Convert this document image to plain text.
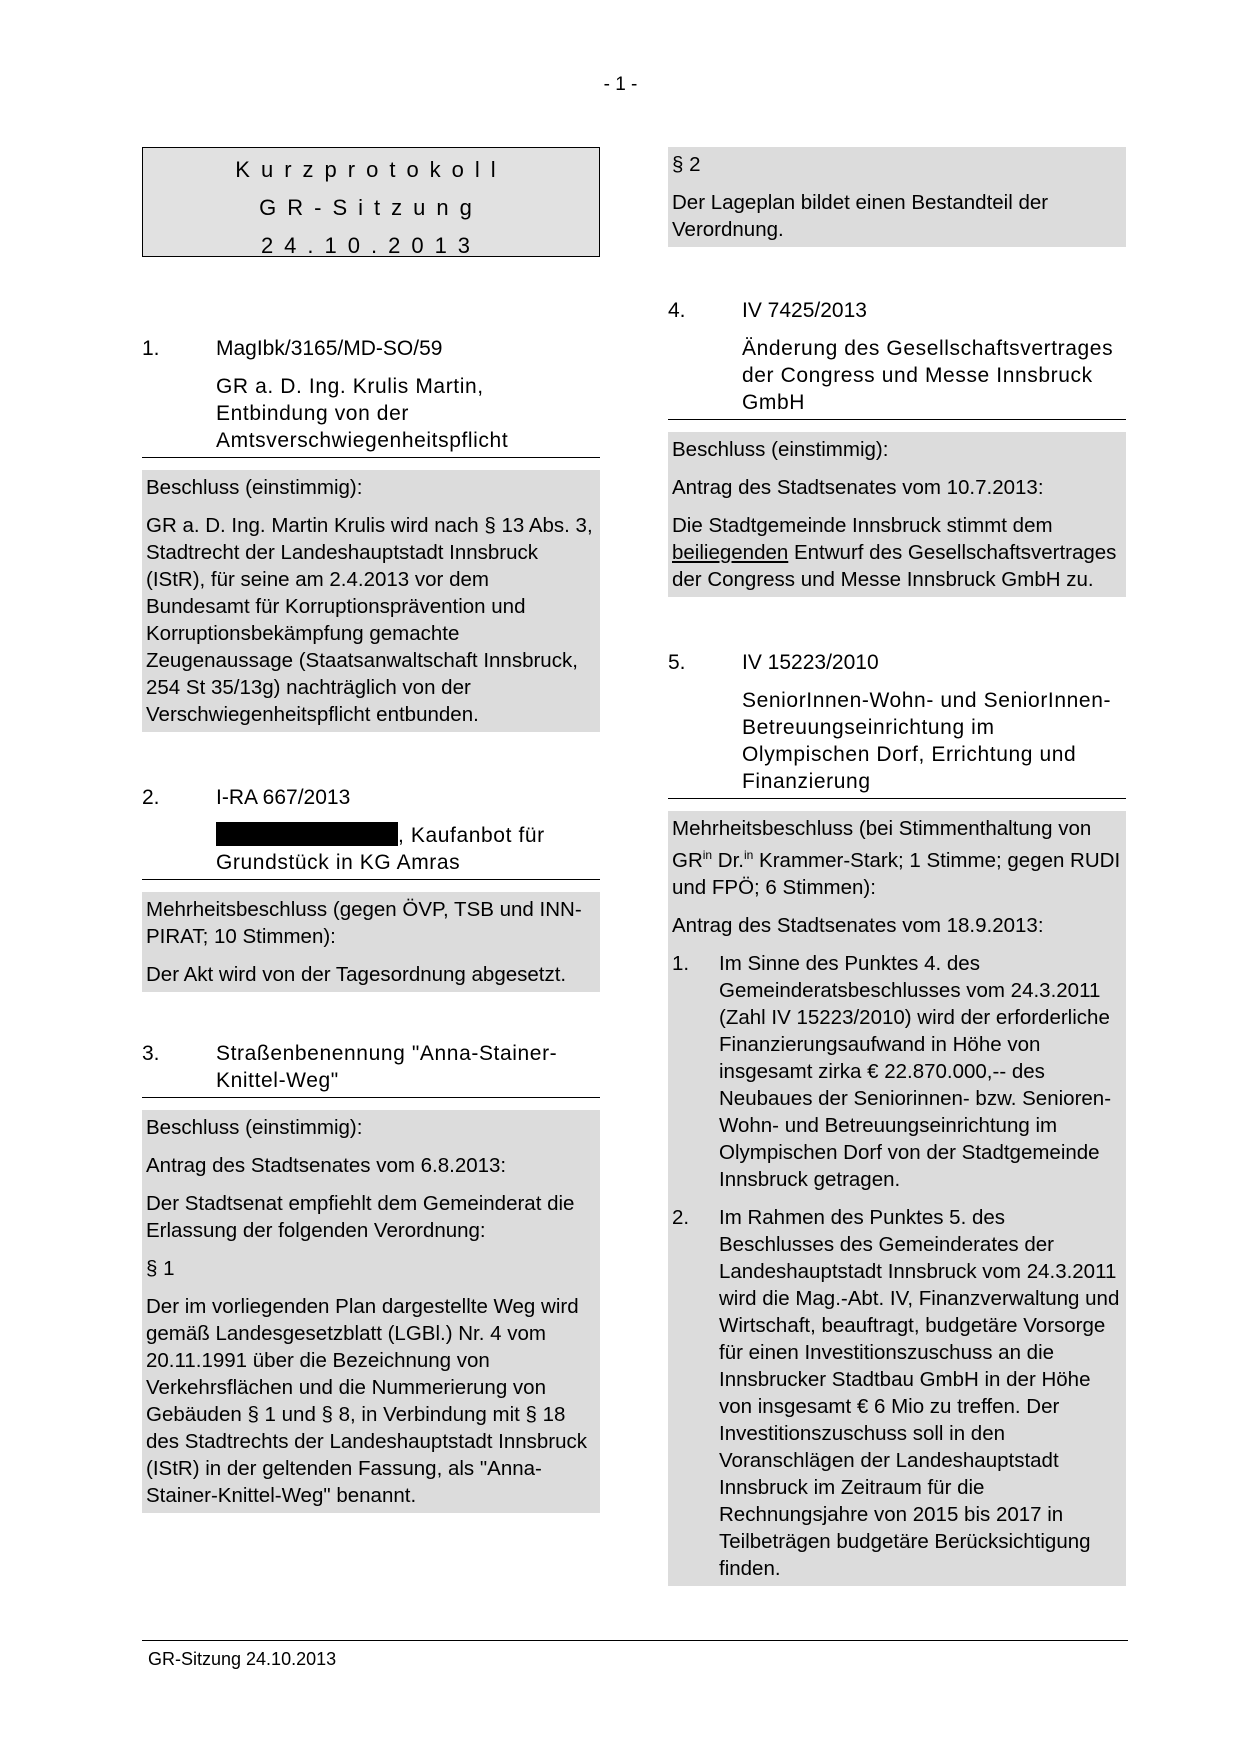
- 1 -
Kurzprotokoll
GR-Sitzung
24.10.2013
1.	MagIbk/3165/MD-SO/59
GR a. D. Ing. Krulis Martin, Entbindung von der Amtsverschwiegenheitspflicht

Beschluss (einstimmig):

GR a. D. Ing. Martin Krulis wird nach § 13 Abs. 3, Stadtrecht der Landeshauptstadt Innsbruck (IStR), für seine am 2.4.2013 vor dem Bundesamt für Korruptionsprävention und Korruptionsbekämpfung gemachte Zeugenaussage (Staatsanwaltschaft Innsbruck, 254 St 35/13g) nachträglich von der Verschwiegenheitspflicht entbunden.

2.	I-RA 667/2013
, Kaufanbot für Grundstück in KG Amras

Mehrheitsbeschluss (gegen ÖVP, TSB und INN-PIRAT; 10 Stimmen):

Der Akt wird von der Tagesordnung abgesetzt.

3.	Straßenbenennung "Anna-Stainer-Knittel-Weg"

Beschluss (einstimmig):

Antrag des Stadtsenates vom 6.8.2013:

Der Stadtsenat empfiehlt dem Gemeinderat die Erlassung der folgenden Verordnung:

§ 1

Der im vorliegenden Plan dargestellte Weg wird gemäß Landesgesetzblatt (LGBl.) Nr. 4 vom 20.11.1991 über die Bezeichnung von Verkehrsflächen und die Nummerierung von Gebäuden § 1 und § 8, in Verbindung mit § 18 des Stadtrechts der Landeshauptstadt Innsbruck (IStR) in der geltenden Fassung, als "Anna-Stainer-Knittel-Weg" benannt.

§ 2

Der Lageplan bildet einen Bestandteil der Verordnung.

4.	IV 7425/2013
Änderung des Gesellschaftsvertrages der Congress und Messe Innsbruck GmbH

Beschluss (einstimmig):

Antrag des Stadtsenates vom 10.7.2013:

Die Stadtgemeinde Innsbruck stimmt dem beiliegenden Entwurf des Gesellschaftsvertrages der Congress und Messe Innsbruck GmbH zu.

5.	IV 15223/2010
SeniorInnen-Wohn- und SeniorInnen-Betreuungseinrichtung im Olympischen Dorf, Errichtung und Finanzierung

Mehrheitsbeschluss (bei Stimmenthaltung von $GR^{in}$ Dr.$^{in}$ Krammer-Stark; 1 Stimme; gegen RUDI und FPÖ; 6 Stimmen):

Antrag des Stadtsenates vom 18.9.2013:

1.	Im Sinne des Punktes 4. des Gemeinderatsbeschlusses vom 24.3.2011 (Zahl IV 15223/2010) wird der erforderliche Finanzierungsaufwand in Höhe von insgesamt zirka € 22.870.000,-- des Neubaues der Seniorinnen- bzw. Senioren-Wohn- und Betreuungseinrichtung im Olympischen Dorf von der Stadtgemeinde Innsbruck getragen.
2.	Im Rahmen des Punktes 5. des Beschlusses des Gemeinderates der Landeshauptstadt Innsbruck vom 24.3.2011 wird die Mag.-Abt. IV, Finanzverwaltung und Wirtschaft, beauftragt, budgetäre Vorsorge für einen Investitionszuschuss an die Innsbrucker Stadtbau GmbH in der Höhe von insgesamt € 6 Mio zu treffen. Der Investitionszuschuss soll in den Voranschlägen der Landeshauptstadt Innsbruck im Zeitraum für die Rechnungsjahre von 2015 bis 2017 in Teilbeträgen budgetäre Berücksichtigung finden.
GR-Sitzung 24.10.2013
